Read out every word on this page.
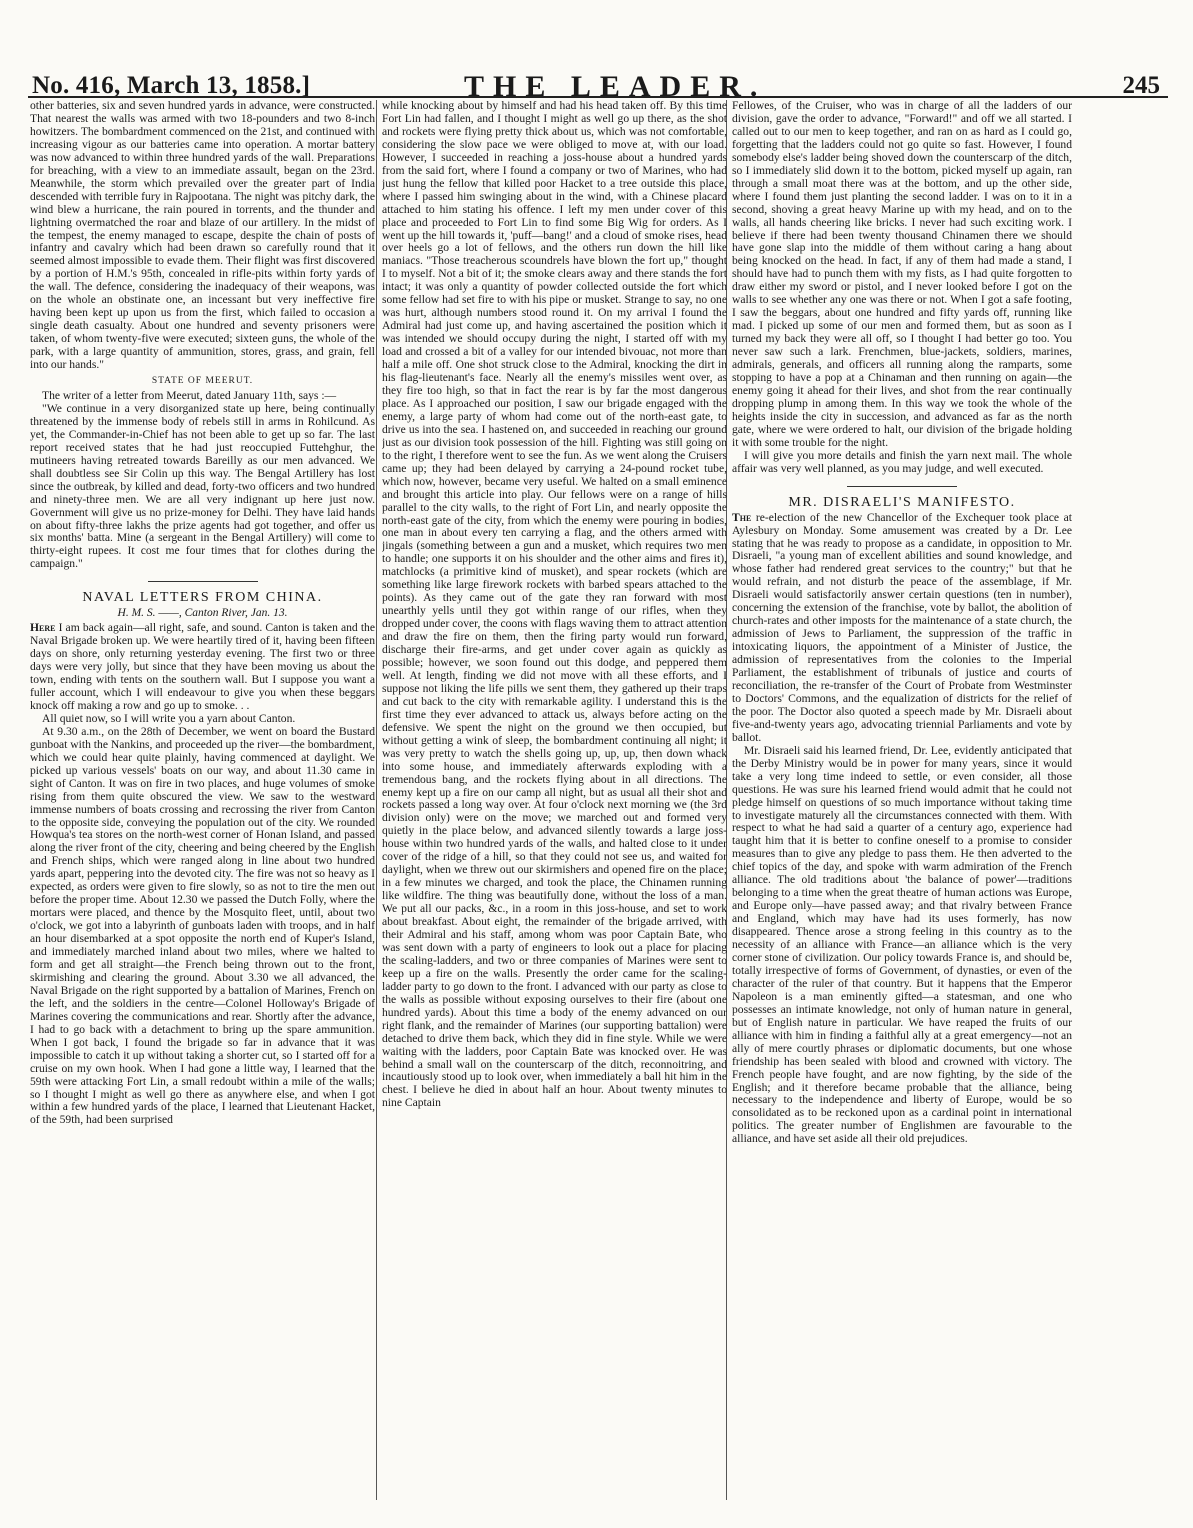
No. 416, March 13, 1858.]	THE LEADER.	245

other batteries, six and seven hundred yards in advance, were constructed. That nearest the walls was armed with two 18-pounders and two 8-inch howitzers. The bombardment commenced on the 21st, and continued with increasing vigour as our batteries came into operation. A mortar battery was now advanced to within three hundred yards of the wall. Preparations for breaching, with a view to an immediate assault, began on the 23rd. Meanwhile, the storm which prevailed over the greater part of India descended with terrible fury in Rajpootana. The night was pitchy dark, the wind blew a hurricane, the rain poured in torrents, and the thunder and lightning overmatched the roar and blaze of our artillery. In the midst of the tempest, the enemy managed to escape, despite the chain of posts of infantry and cavalry which had been drawn so carefully round that it seemed almost impossible to evade them. Their flight was first discovered by a portion of H.M.'s 95th, concealed in rifle-pits within forty yards of the wall. The defence, considering the inadequacy of their weapons, was on the whole an obstinate one, an incessant but very ineffective fire having been kept up upon us from the first, which failed to occasion a single death casualty. About one hundred and seventy prisoners were taken, of whom twenty-five were executed; sixteen guns, the whole of the park, with a large quantity of ammunition, stores, grass, and grain, fell into our hands."

STATE OF MEERUT.

The writer of a letter from Meerut, dated January 11th, says :—

"We continue in a very disorganized state up here, being continually threatened by the immense body of rebels still in arms in Rohilcund. As yet, the Commander-in-Chief has not been able to get up so far. The last report received states that he had just reoccupied Futtehghur, the mutineers having retreated towards Bareilly as our men advanced. We shall doubtless see Sir Colin up this way. The Bengal Artillery has lost since the outbreak, by killed and dead, forty-two officers and two hundred and ninety-three men. We are all very indignant up here just now. Government will give us no prize-money for Delhi. They have laid hands on about fifty-three lakhs the prize agents had got together, and offer us six months' batta. Mine (a sergeant in the Bengal Artillery) will come to thirty-eight rupees. It cost me four times that for clothes during the campaign."

NAVAL LETTERS FROM CHINA.
H. M. S. ——, Canton River, Jan. 13.

Here I am back again—all right, safe, and sound. Canton is taken and the Naval Brigade broken up. We were heartily tired of it, having been fifteen days on shore, only returning yesterday evening. The first two or three days were very jolly, but since that they have been moving us about the town, ending with tents on the southern wall. But I suppose you want a fuller account, which I will endeavour to give you when these beggars knock off making a row and go up to smoke. . .

All quiet now, so I will write you a yarn about Canton.

At 9.30 a.m., on the 28th of December, we went on board the Bustard gunboat with the Nankins, and proceeded up the river—the bombardment, which we could hear quite plainly, having commenced at daylight. We picked up various vessels' boats on our way, and about 11.30 came in sight of Canton. It was on fire in two places, and huge volumes of smoke rising from them quite obscured the view. We saw to the westward immense numbers of boats crossing and recrossing the river from Canton to the opposite side, conveying the population out of the city. We rounded Howqua's tea stores on the north-west corner of Honan Island, and passed along the river front of the city, cheering and being cheered by the English and French ships, which were ranged along in line about two hundred yards apart, peppering into the devoted city. The fire was not so heavy as I expected, as orders were given to fire slowly, so as not to tire the men out before the proper time. About 12.30 we passed the Dutch Folly, where the mortars were placed, and thence by the Mosquito fleet, until, about two o'clock, we got into a labyrinth of gunboats laden with troops, and in half an hour disembarked at a spot opposite the north end of Kuper's Island, and immediately marched inland about two miles, where we halted to form and get all straight—the French being thrown out to the front, skirmishing and clearing the ground. About 3.30 we all advanced, the Naval Brigade on the right supported by a battalion of Marines, French on the left, and the soldiers in the centre—Colonel Holloway's Brigade of Marines covering the communications and rear. Shortly after the advance, I had to go back with a detachment to bring up the spare ammunition. When I got back, I found the brigade so far in advance that it was impossible to catch it up without taking a shorter cut, so I started off for a cruise on my own hook. When I had gone a little way, I learned that the 59th were attacking Fort Lin, a small redoubt within a mile of the walls; so I thought I might as well go there as anywhere else, and when I got within a few hundred yards of the place, I learned that Lieutenant Hacket, of the 59th, had been surprised

while knocking about by himself and had his head taken off. By this time Fort Lin had fallen, and I thought I might as well go up there, as the shot and rockets were flying pretty thick about us, which was not comfortable, considering the slow pace we were obliged to move at, with our load. However, I succeeded in reaching a joss-house about a hundred yards from the said fort, where I found a company or two of Marines, who had just hung the fellow that killed poor Hacket to a tree outside this place, where I passed him swinging about in the wind, with a Chinese placard attached to him stating his offence. I left my men under cover of this place and proceeded to Fort Lin to find some Big Wig for orders. As I went up the hill towards it, 'puff—bang!' and a cloud of smoke rises, head over heels go a lot of fellows, and the others run down the hill like maniacs. "Those treacherous scoundrels have blown the fort up," thought I to myself. Not a bit of it; the smoke clears away and there stands the fort intact; it was only a quantity of powder collected outside the fort which some fellow had set fire to with his pipe or musket. Strange to say, no one was hurt, although numbers stood round it. On my arrival I found the Admiral had just come up, and having ascertained the position which it was intended we should occupy during the night, I started off with my load and crossed a bit of a valley for our intended bivouac, not more than half a mile off. One shot struck close to the Admiral, knocking the dirt in his flag-lieutenant's face. Nearly all the enemy's missiles went over, as they fire too high, so that in fact the rear is by far the most dangerous place. As I approached our position, I saw our brigade engaged with the enemy, a large party of whom had come out of the north-east gate, to drive us into the sea. I hastened on, and succeeded in reaching our ground just as our division took possession of the hill. Fighting was still going on to the right, I therefore went to see the fun. As we went along the Cruisers came up; they had been delayed by carrying a 24-pound rocket tube, which now, however, became very useful. We halted on a small eminence and brought this article into play. Our fellows were on a range of hills parallel to the city walls, to the right of Fort Lin, and nearly opposite the north-east gate of the city, from which the enemy were pouring in bodies, one man in about every ten carrying a flag, and the others armed with jingals (something between a gun and a musket, which requires two men to handle; one supports it on his shoulder and the other aims and fires it), matchlocks (a primitive kind of musket), and spear rockets (which are something like large firework rockets with barbed spears attached to the points). As they came out of the gate they ran forward with most unearthly yells until they got within range of our rifles, when they dropped under cover, the coons with flags waving them to attract attention and draw the fire on them, then the firing party would run forward, discharge their fire-arms, and get under cover again as quickly as possible; however, we soon found out this dodge, and peppered them well. At length, finding we did not move with all these efforts, and I suppose not liking the life pills we sent them, they gathered up their traps and cut back to the city with remarkable agility. I understand this is the first time they ever advanced to attack us, always before acting on the defensive. We spent the night on the ground we then occupied, but without getting a wink of sleep, the bombardment continuing all night; it was very pretty to watch the shells going up, up, up, then down whack into some house, and immediately afterwards exploding with a tremendous bang, and the rockets flying about in all directions. The enemy kept up a fire on our camp all night, but as usual all their shot and rockets passed a long way over. At four o'clock next morning we (the 3rd division only) were on the move; we marched out and formed very quietly in the place below, and advanced silently towards a large joss-house within two hundred yards of the walls, and halted close to it under cover of the ridge of a hill, so that they could not see us, and waited for daylight, when we threw out our skirmishers and opened fire on the place; in a few minutes we charged, and took the place, the Chinamen running like wildfire. The thing was beautifully done, without the loss of a man. We put all our packs, &c., in a room in this joss-house, and set to work about breakfast. About eight, the remainder of the brigade arrived, with their Admiral and his staff, among whom was poor Captain Bate, who was sent down with a party of engineers to look out a place for placing the scaling-ladders, and two or three companies of Marines were sent to keep up a fire on the walls. Presently the order came for the scaling-ladder party to go down to the front. I advanced with our party as close to the walls as possible without exposing ourselves to their fire (about one hundred yards). About this time a body of the enemy advanced on our right flank, and the remainder of Marines (our supporting battalion) were detached to drive them back, which they did in fine style. While we were waiting with the ladders, poor Captain Bate was knocked over. He was behind a small wall on the counterscarp of the ditch, reconnoitring, and incautiously stood up to look over, when immediately a ball hit him in the chest. I believe he died in about half an hour. About twenty minutes to nine Captain

Fellowes, of the Cruiser, who was in charge of all the ladders of our division, gave the order to advance, "Forward!" and off we all started. I called out to our men to keep together, and ran on as hard as I could go, forgetting that the ladders could not go quite so fast. However, I found somebody else's ladder being shoved down the counterscarp of the ditch, so I immediately slid down it to the bottom, picked myself up again, ran through a small moat there was at the bottom, and up the other side, where I found them just planting the second ladder. I was on to it in a second, shoving a great heavy Marine up with my head, and on to the walls, all hands cheering like bricks. I never had such exciting work. I believe if there had been twenty thousand Chinamen there we should have gone slap into the middle of them without caring a hang about being knocked on the head. In fact, if any of them had made a stand, I should have had to punch them with my fists, as I had quite forgotten to draw either my sword or pistol, and I never looked before I got on the walls to see whether any one was there or not. When I got a safe footing, I saw the beggars, about one hundred and fifty yards off, running like mad. I picked up some of our men and formed them, but as soon as I turned my back they were all off, so I thought I had better go too. You never saw such a lark. Frenchmen, blue-jackets, soldiers, marines, admirals, generals, and officers all running along the ramparts, some stopping to have a pop at a Chinaman and then running on again—the enemy going it ahead for their lives, and shot from the rear continually dropping plump in among them. In this way we took the whole of the heights inside the city in succession, and advanced as far as the north gate, where we were ordered to halt, our division of the brigade holding it with some trouble for the night.

I will give you more details and finish the yarn next mail. The whole affair was very well planned, as you may judge, and well executed.

MR. DISRAELI'S MANIFESTO.

The re-election of the new Chancellor of the Exchequer took place at Aylesbury on Monday. Some amusement was created by a Dr. Lee stating that he was ready to propose as a candidate, in opposition to Mr. Disraeli, "a young man of excellent abilities and sound knowledge, and whose father had rendered great services to the country;" but that he would refrain, and not disturb the peace of the assemblage, if Mr. Disraeli would satisfactorily answer certain questions (ten in number), concerning the extension of the franchise, vote by ballot, the abolition of church-rates and other imposts for the maintenance of a state church, the admission of Jews to Parliament, the suppression of the traffic in intoxicating liquors, the appointment of a Minister of Justice, the admission of representatives from the colonies to the Imperial Parliament, the establishment of tribunals of justice and courts of reconciliation, the re-transfer of the Court of Probate from Westminster to Doctors' Commons, and the equalization of districts for the relief of the poor. The Doctor also quoted a speech made by Mr. Disraeli about five-and-twenty years ago, advocating triennial Parliaments and vote by ballot.

Mr. Disraeli said his learned friend, Dr. Lee, evidently anticipated that the Derby Ministry would be in power for many years, since it would take a very long time indeed to settle, or even consider, all those questions. He was sure his learned friend would admit that he could not pledge himself on questions of so much importance without taking time to investigate maturely all the circumstances connected with them. With respect to what he had said a quarter of a century ago, experience had taught him that it is better to confine oneself to a promise to consider measures than to give any pledge to pass them. He then adverted to the chief topics of the day, and spoke with warm admiration of the French alliance. The old traditions about 'the balance of power'—traditions belonging to a time when the great theatre of human actions was Europe, and Europe only—have passed away; and that rivalry between France and England, which may have had its uses formerly, has now disappeared. Thence arose a strong feeling in this country as to the necessity of an alliance with France—an alliance which is the very corner stone of civilization. Our policy towards France is, and should be, totally irrespective of forms of Government, of dynasties, or even of the character of the ruler of that country. But it happens that the Emperor Napoleon is a man eminently gifted—a statesman, and one who possesses an intimate knowledge, not only of human nature in general, but of English nature in particular. We have reaped the fruits of our alliance with him in finding a faithful ally at a great emergency—not an ally of mere courtly phrases or diplomatic documents, but one whose friendship has been sealed with blood and crowned with victory. The French people have fought, and are now fighting, by the side of the English; and it therefore became probable that the alliance, being necessary to the independence and liberty of Europe, would be so consolidated as to be reckoned upon as a cardinal point in international politics. The greater number of Englishmen are favourable to the alliance, and have set aside all their old prejudices.
